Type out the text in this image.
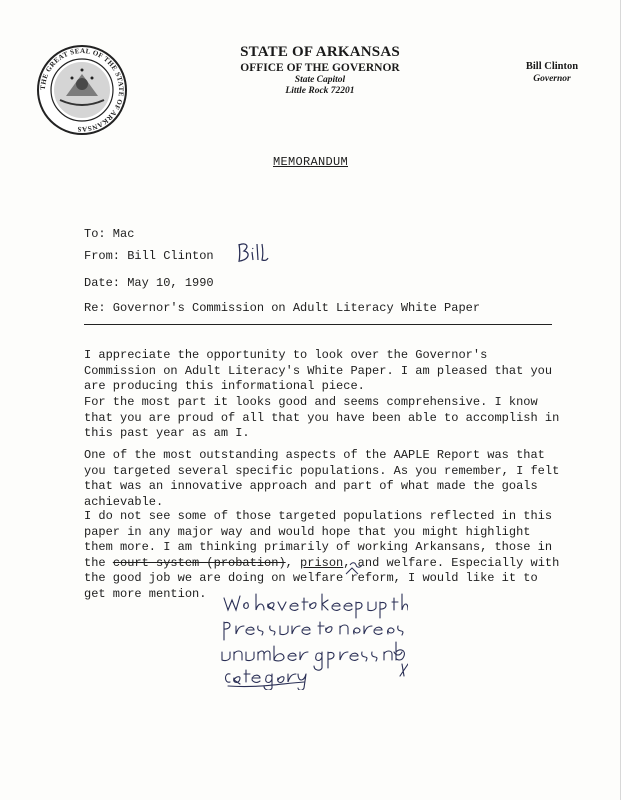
THE GREAT SEAL OF THE STATE OF ARKANSAS
STATE OF ARKANSAS
OFFICE OF THE GOVERNOR
State Capitol
Little Rock 72201
Bill Clinton
Governor
MEMORANDUM
To: Mac
From: Bill Clinton
Date: May 10, 1990
Re: Governor's Commission on Adult Literacy White Paper
I appreciate the opportunity to look over the Governor's
Commission on Adult Literacy's White Paper. I am pleased that you
are producing this informational piece.
For the most part it looks good and seems comprehensive. I know
that you are proud of all that you have been able to accomplish in
this past year as am I.
One of the most outstanding aspects of the AAPLE Report was that
you targeted several specific populations. As you remember, I felt
that was an innovative approach and part of what made the goals
achievable.
I do not see some of those targeted populations reflected in this
paper in any major way and would hope that you might highlight
them more. I am thinking primarily of working Arkansans, those in
the court system (probation), prison, and welfare. Especially with
the good job we are doing on welfare reform, I would like it to
get more mention.
